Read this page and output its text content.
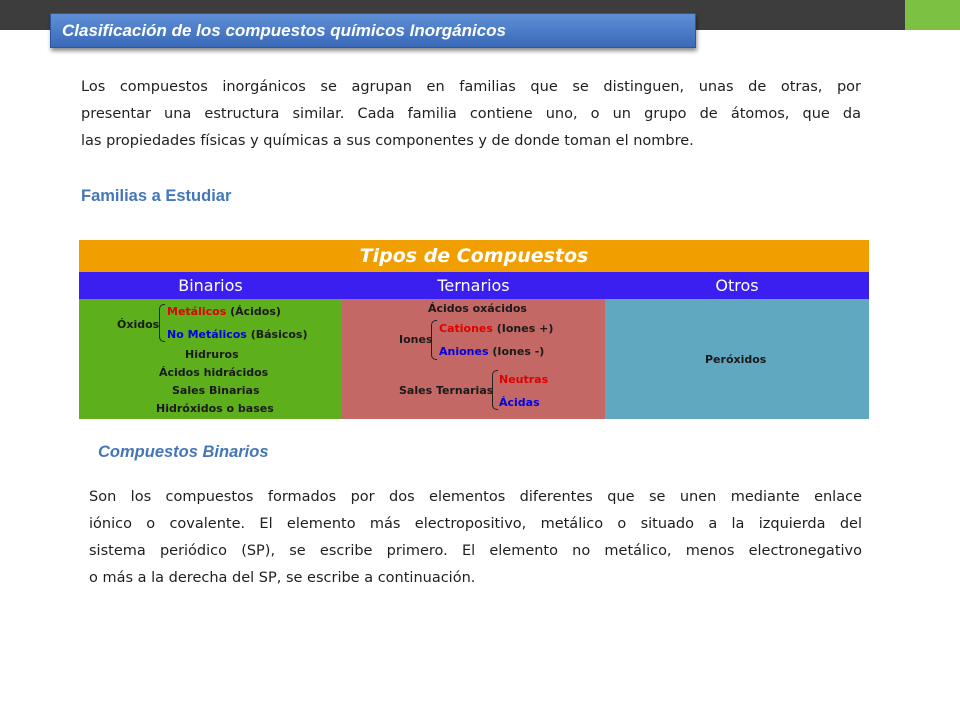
Clasificación de los compuestos químicos Inorgánicos
Los compuestos inorgánicos se agrupan en familias que se distinguen, unas de otras, por
presentar una estructura similar. Cada familia contiene uno, o un grupo de átomos, que da
las propiedades físicas y químicas a sus componentes y de donde toman el nombre.
Familias a Estudiar
Tipos de Compuestos
Binarios	Ternarios	Otros
Óxidos
Metálicos (Ácidos)
No Metálicos (Básicos)
Hidruros
Ácidos hidrácidos
Sales Binarias
Hidróxidos o bases
Ácidos oxácidos
Iones
Cationes (Iones +)
Aniones (Iones -)
Sales Ternarias
Neutras
Ácidas
Peróxidos
Compuestos Binarios
Son los compuestos formados por dos elementos diferentes que se unen mediante enlace
iónico o covalente. El elemento más electropositivo, metálico o situado a la izquierda del
sistema periódico (SP), se escribe primero. El elemento no metálico, menos electronegativo
o más a la derecha del SP, se escribe a continuación.
